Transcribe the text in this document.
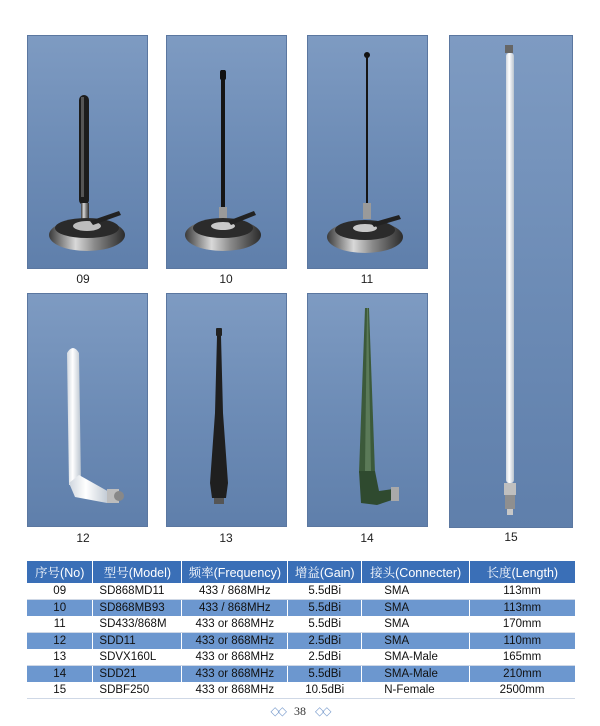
09	10	11
15
12	13	14
序号(No)	型号(Model)	频率(Frequency)	增益(Gain)	接头(Connecter)	长度(Length)
09	SD868MD11	433 / 868MHz	5.5dBi	SMA	113mm
10	SD868MB93	433 / 868MHz	5.5dBi	SMA	113mm
11	SD433/868M	433 or 868MHz	5.5dBi	SMA	170mm
12	SDD11	433 or 868MHz	2.5dBi	SMA	110mm
13	SDVX160L	433 or 868MHz	2.5dBi	SMA-Male	165mm
14	SDD21	433 or 868MHz	5.5dBi	SMA-Male	210mm
15	SDBF250	433 or 868MHz	10.5dBi	N-Female	2500mm
◇◇ 38 ◇◇
